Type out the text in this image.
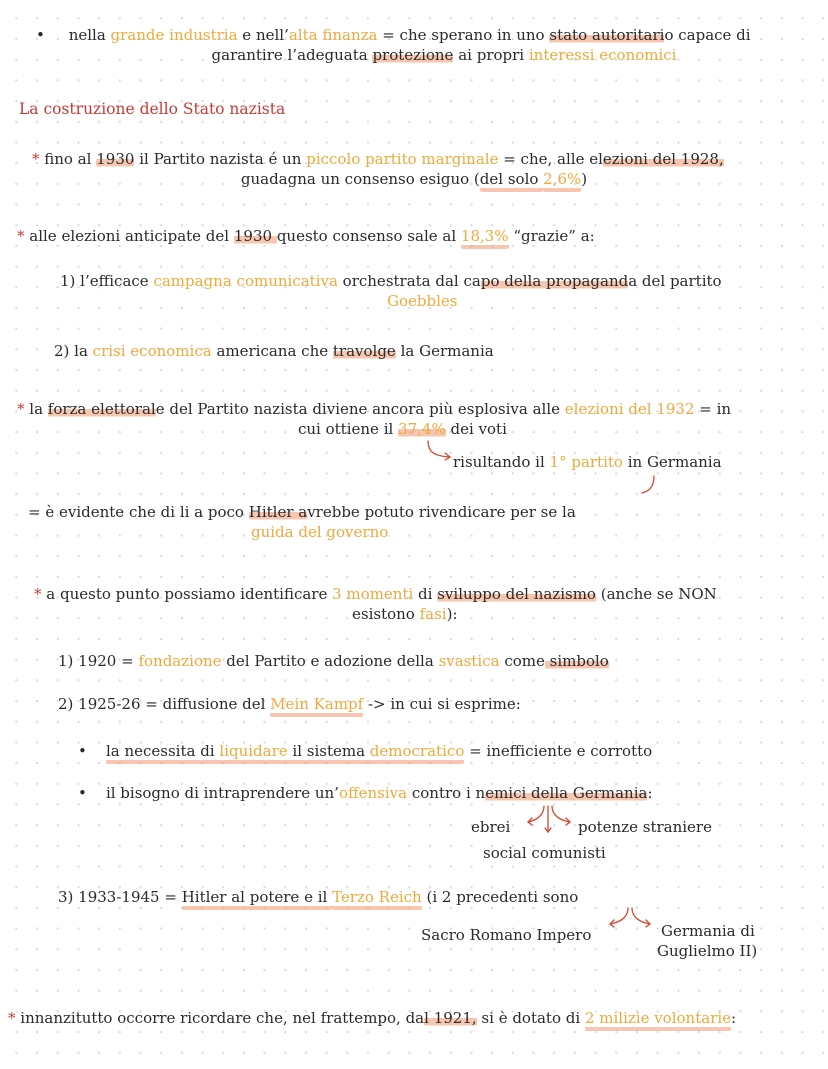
• nella grande industria e nell’alta finanza = che sperano in uno stato autoritario capace di
garantire l’adeguata protezione ai propri interessi economici
La costruzione dello Stato nazista
* fino al 1930 il Partito nazista é un piccolo partito marginale = che, alle elezioni del 1928,
guadagna un consenso esiguo (del solo 2,6%)
* alle elezioni anticipate del 1930 questo consenso sale al 18,3% “grazie” a:
1) l’efficace campagna comunicativa orchestrata dal capo della propaganda del partito
Goebbles
2) la crisi economica americana che travolge la Germania
* la forza elettorale del Partito nazista diviene ancora più esplosiva alle elezioni del 1932 = in
cui ottiene il 37,4% dei voti
risultando il 1° partito in Germania
= è evidente che di li a poco Hitler avrebbe potuto rivendicare per se la
guida del governo
* a questo punto possiamo identificare 3 momenti di sviluppo del nazismo (anche se NON
esistono fasi):
1) 1920 = fondazione del Partito e adozione della svastica come simbolo
2) 1925-26 = diffusione del Mein Kampf -> in cui si esprime:
• la necessita di liquidare il sistema democratico = inefficiente e corrotto
• il bisogno di intraprendere un’offensiva contro i nemici della Germania:
ebrei	potenze straniere
social comunisti
3) 1933-1945 = Hitler al potere e il Terzo Reich (i 2 precedenti sono
Sacro Romano Impero	Germania di
Guglielmo II)
* innanzitutto occorre ricordare che, nel frattempo, dal 1921, si è dotato di 2 milizie volontarie:
